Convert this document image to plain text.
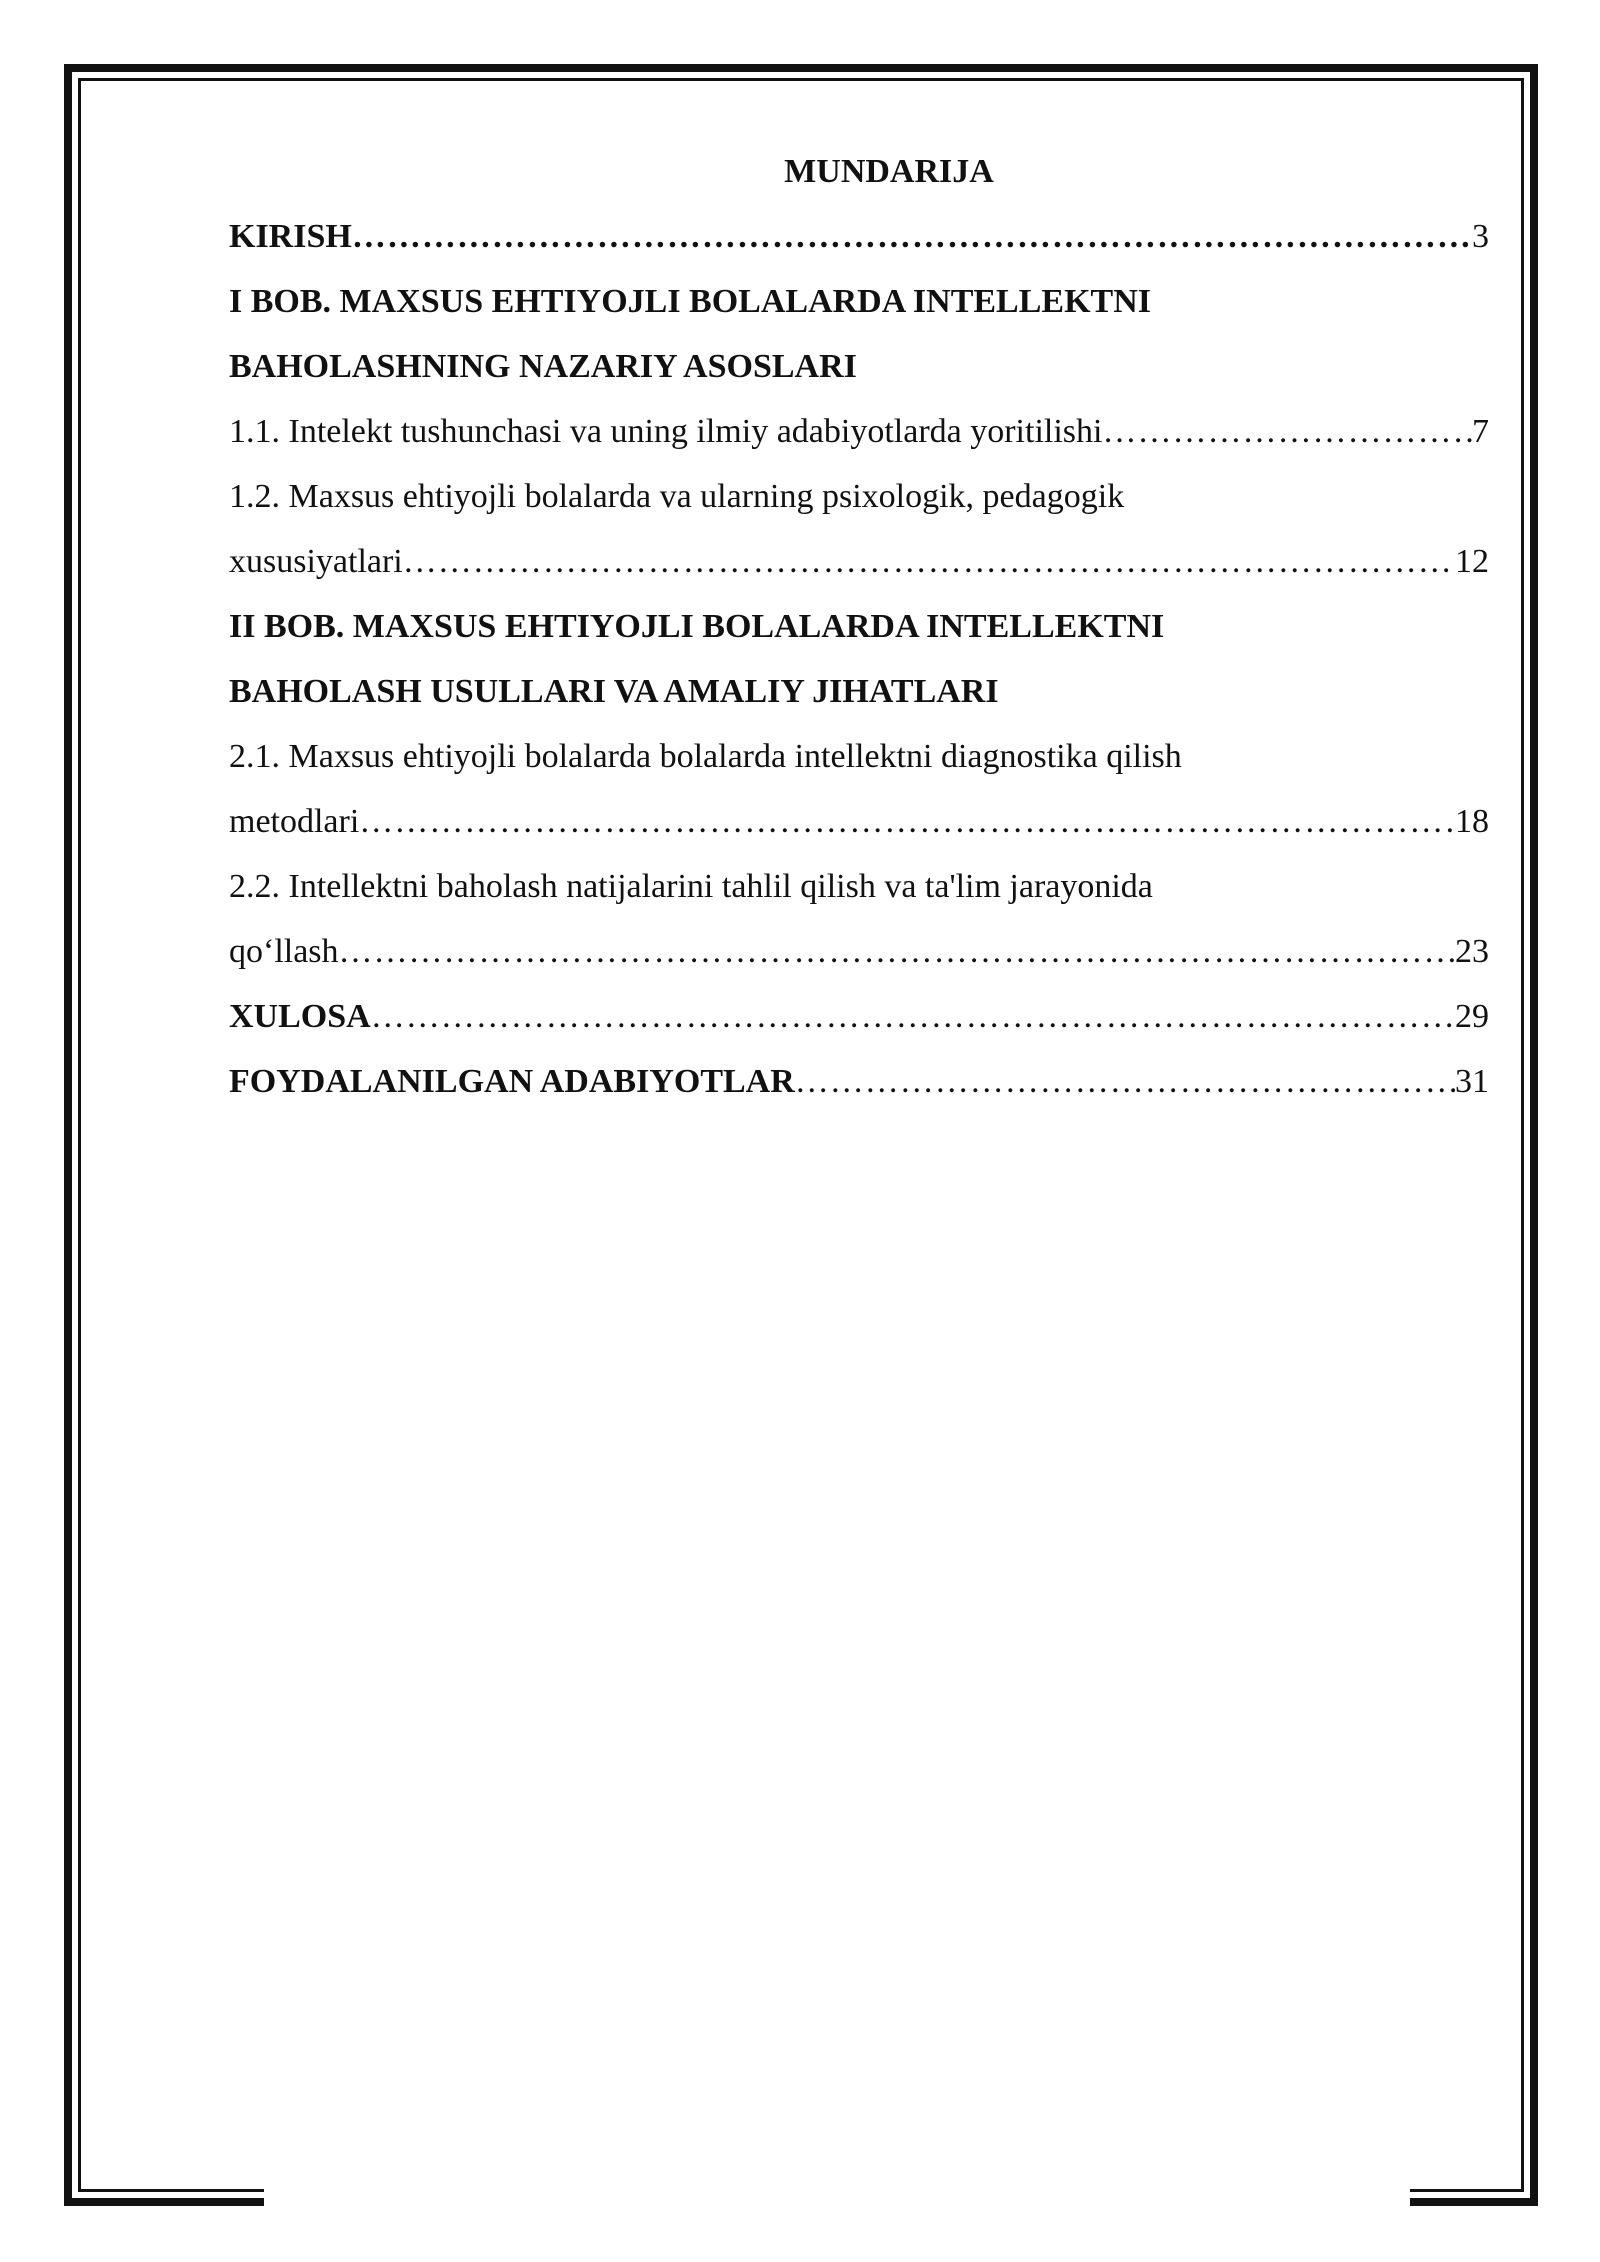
MUNDARIJA
KIRISH ……………………………………………………………………………………………………………………………………………………………………	3
I BOB. MAXSUS EHTIYOJLI BOLALARDA INTELLEKTNI
BAHOLASHNING NAZARIY ASOSLARI
1.1. Intelekt tushunchasi va uning ilmiy adabiyotlarda yoritilishi ……………………………………………………………………………………………………………………………………………………………………	7
1.2. Maxsus ehtiyojli bolalarda va ularning psixologik, pedagogik
xususiyatlari ……………………………………………………………………………………………………………………………………………………………………	12
II BOB. MAXSUS EHTIYOJLI BOLALARDA INTELLEKTNI
BAHOLASH USULLARI VA AMALIY JIHATLARI
2.1. Maxsus ehtiyojli bolalarda bolalarda intellektni diagnostika qilish
metodlari ……………………………………………………………………………………………………………………………………………………………………	18
2.2. Intellektni baholash natijalarini tahlil qilish va ta'lim jarayonida
qo‘llash ……………………………………………………………………………………………………………………………………………………………………	23
XULOSA ……………………………………………………………………………………………………………………………………………………………………	29
FOYDALANILGAN ADABIYOTLAR ……………………………………………………………………………………………………………………………………………………………………	31
